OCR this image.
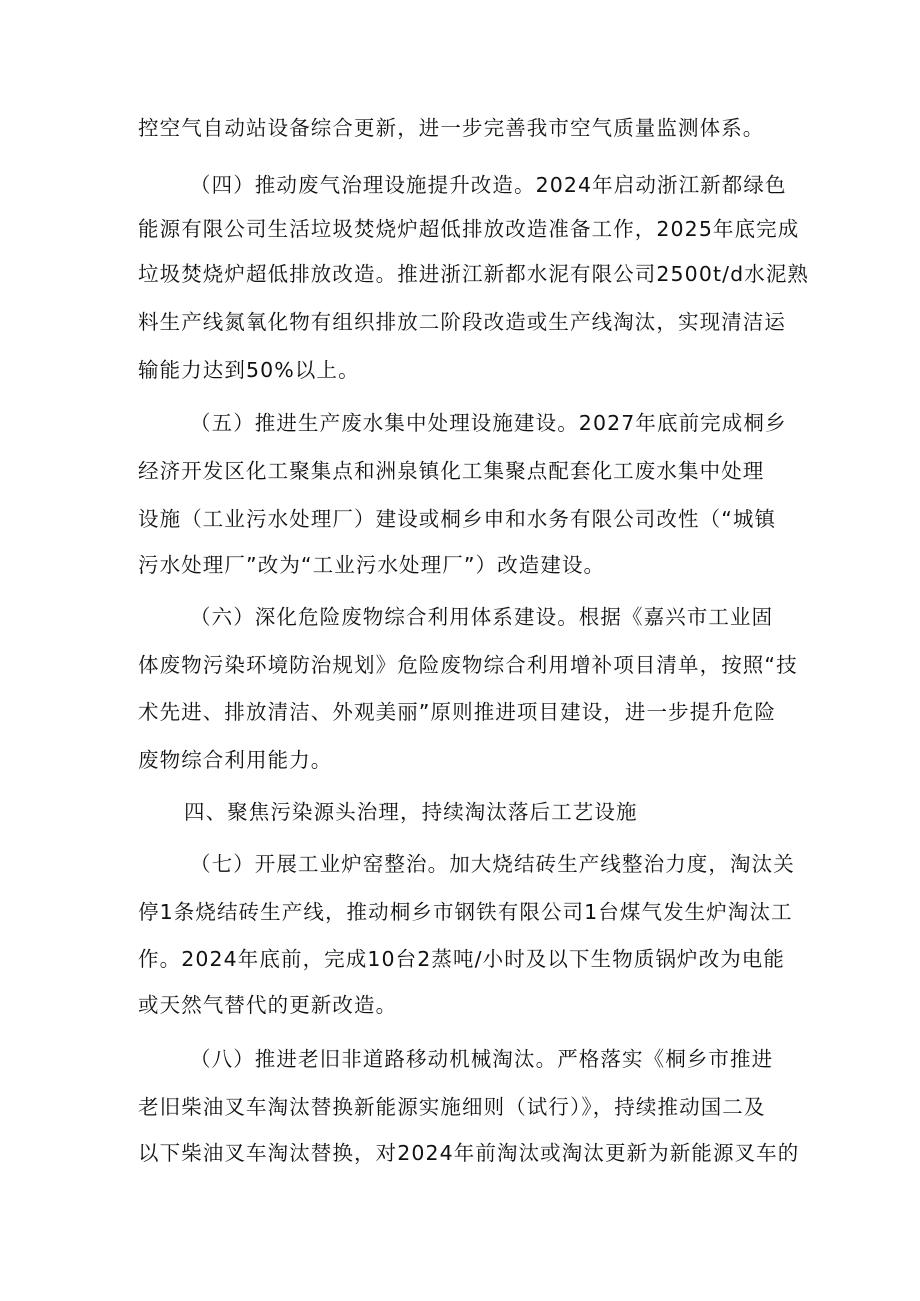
控空气自动站设备综合更新，进一步完善我市空气质量监测体系。
（四）推动废气治理设施提升改造。2024年启动浙江新都绿色
能源有限公司生活垃圾焚烧炉超低排放改造准备工作，2025年底完成
垃圾焚烧炉超低排放改造。推进浙江新都水泥有限公司2500t/d水泥熟
料生产线氮氧化物有组织排放二阶段改造或生产线淘汰，实现清洁运
输能力达到50%以上。
（五）推进生产废水集中处理设施建设。2027年底前完成桐乡
经济开发区化工聚集点和洲泉镇化工集聚点配套化工废水集中处理
设施（工业污水处理厂）建设或桐乡申和水务有限公司改性（“城镇
污水处理厂”改为“工业污水处理厂”）改造建设。
（六）深化危险废物综合利用体系建设。根据《嘉兴市工业固
体废物污染环境防治规划》危险废物综合利用增补项目清单，按照“技
术先进、排放清洁、外观美丽”原则推进项目建设，进一步提升危险
废物综合利用能力。
四、聚焦污染源头治理，持续淘汰落后工艺设施
（七）开展工业炉窑整治。加大烧结砖生产线整治力度，淘汰关
停1条烧结砖生产线，推动桐乡市钢铁有限公司1台煤气发生炉淘汰工
作。2024年底前，完成10台2蒸吨/小时及以下生物质锅炉改为电能
或天然气替代的更新改造。
（八）推进老旧非道路移动机械淘汰。严格落实《桐乡市推进
老旧柴油叉车淘汰替换新能源实施细则（试行）》，持续推动国二及
以下柴油叉车淘汰替换，对2024年前淘汰或淘汰更新为新能源叉车的
